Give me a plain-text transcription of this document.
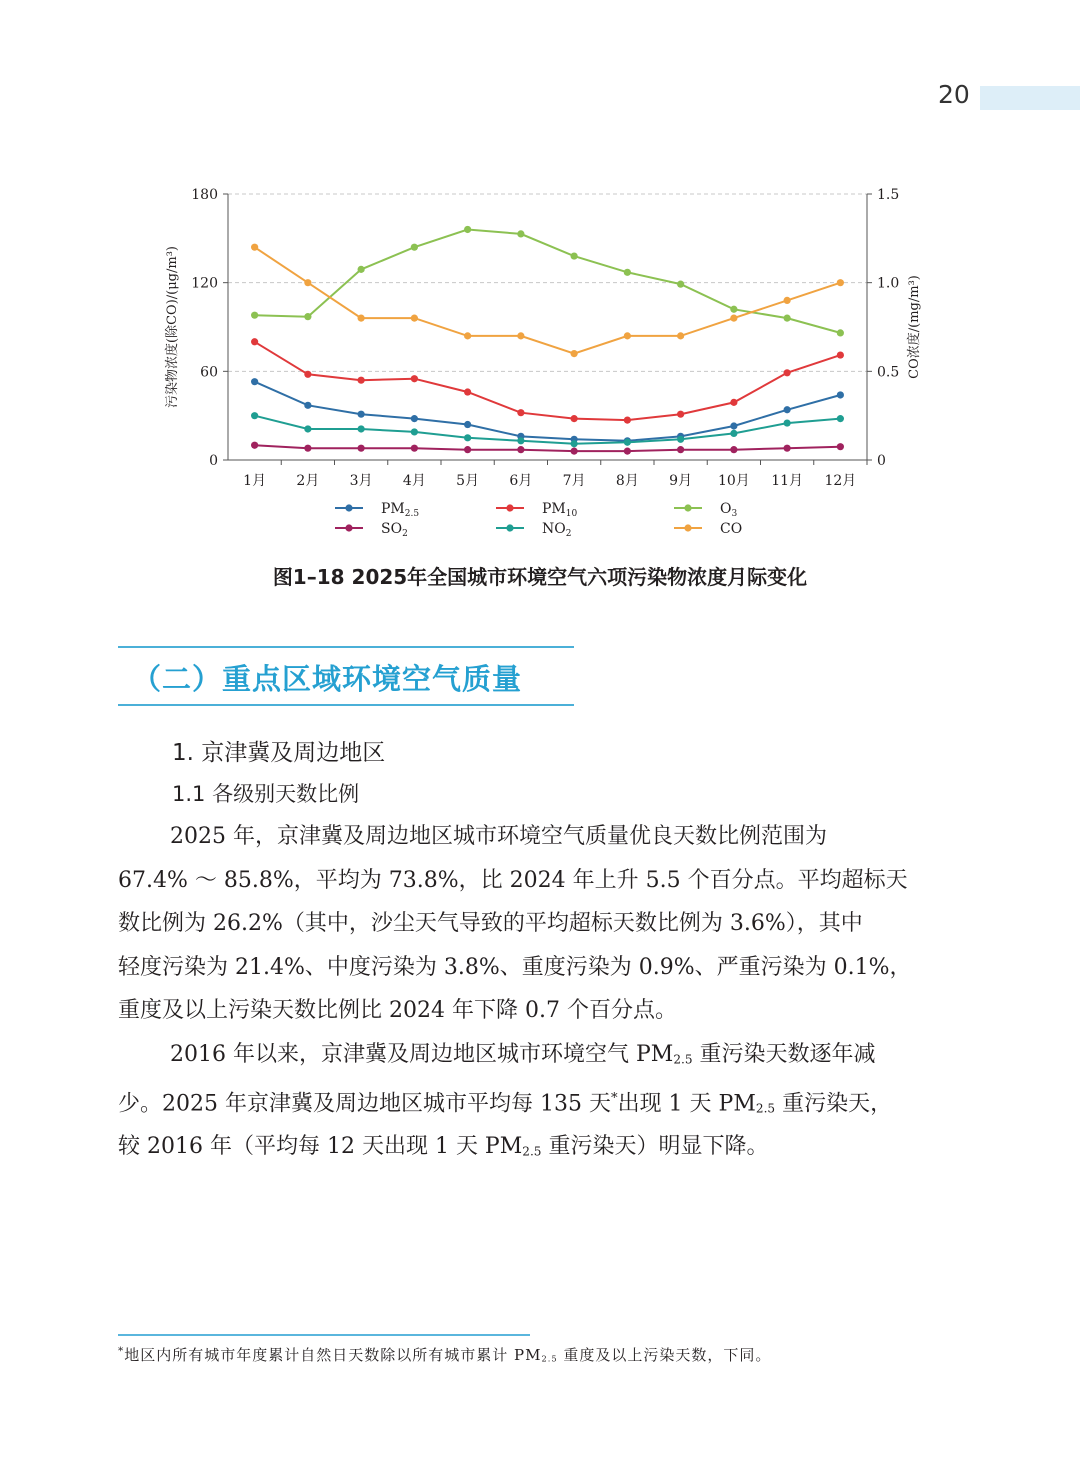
20
0	0
60	0.5
120	1.0
180	1.5
1月 2月 3月 4月 5月 6月 7月 8月 9月 10月 11月 12月
污染物浓度(除CO)/(μg/m³)	CO浓度/(mg/m³)
$PM_{2.5}$	$PM_{10}$	$O_3$
$SO_2$	$NO_2$	CO
图1–18 2025年全国城市环境空气六项污染物浓度月际变化
（二）重点区域环境空气质量
1. 京津冀及周边地区
1.1 各级别天数比例
2025 年，京津冀及周边地区城市环境空气质量优良天数比例范围为
67.4% ～ 85.8%，平均为 73.8%，比 2024 年上升 5.5 个百分点。平均超标天
数比例为 26.2%（其中，沙尘天气导致的平均超标天数比例为 3.6%），其中
轻度污染为 21.4%、中度污染为 3.8%、重度污染为 0.9%、严重污染为 0.1%，
重度及以上污染天数比例比 2024 年下降 0.7 个百分点。
2016 年以来，京津冀及周边地区城市环境空气 $PM_{2.5}$ 重污染天数逐年减
少。2025 年京津冀及周边地区城市平均每 135 天*出现 1 天 $PM_{2.5}$ 重污染天，
较 2016 年（平均每 12 天出现 1 天 $PM_{2.5}$ 重污染天）明显下降。
*地区内所有城市年度累计自然日天数除以所有城市累计 $PM_{2.5}$ 重度及以上污染天数，下同。
